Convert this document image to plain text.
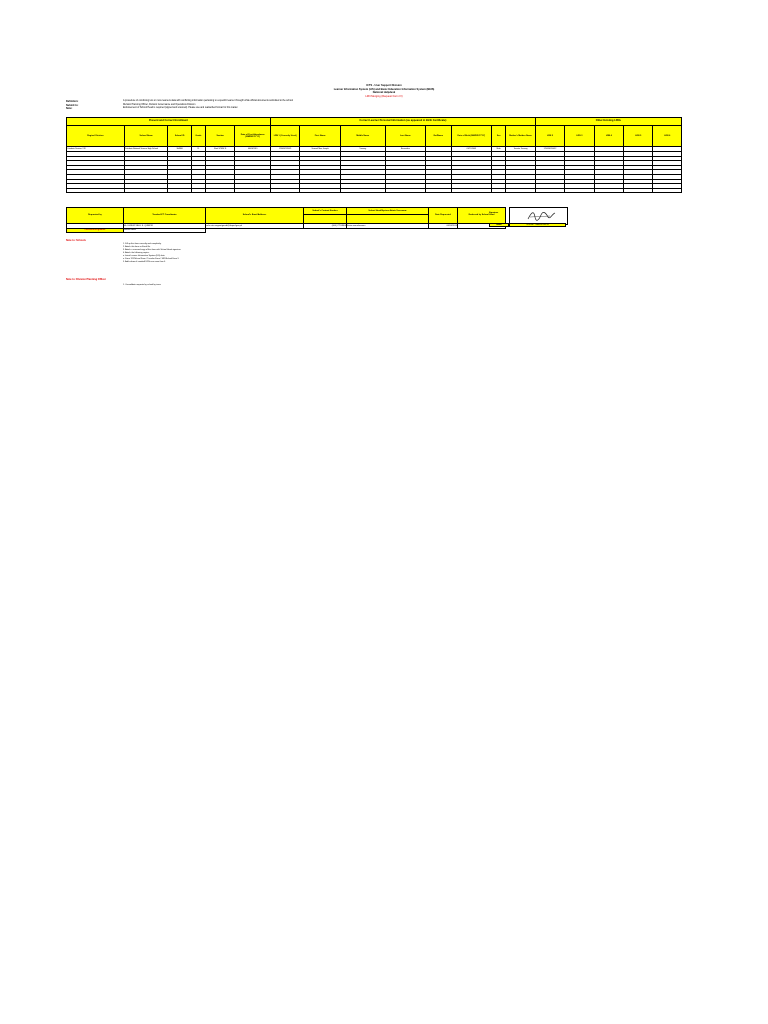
ICTS - User Support Division
Learner Information System (LIS) and Basic Education Information System (BEIS)
National Helpdesk
LRN Merging (Request Form IV)
Definition:	A procedure of combining two or more learners data with conflicting information pertaining to a specific learner through/ while official documents submitted to the school
Submit to:	Division Planning Officer, Division Governance and Operations Division
Note:	Endorsement of School Head is required (signed and scanned). Please use and reattached format for this matter.
Present and Correct Enrollment						Correct Learner Personal Information (as appeared in Birth Certificate)								Other Existing LRNs				
Region/ Division	School Name	School ID	Grade	Section	Date of First Attendance (MM/DD/YYYY)	LRN 1 (Currently Used)	First Name	Middle Name	Last Name	Ext/Name	Date of Birth (MM/DD/YYYY)	Sex	Mother's Maiden Name	LRN 2	LRN 3	LRN 4	LRN 5	LRN 6
Cotabato Division / XII	Cotabato National Science High School	304880	11	Rizal STEM 11	06/03/2019	129456789021	Samuel Mae Joseph	Tamang	Benavidez		01/15/2003	Male	Teresita Tamang	129456120022				

Requested by	Teacher/ICT Coordinator	School's Email Address	School's Contact Number	School Head/System Admin Username	Date Requested	Endorsed by School Head

	Mr. LERENT BELL S. QUIMOR	cnhs.ctm.supportgmedi@deped.gov.ph	(064) 772-8800	Kevin.marvelnamen	06/24/2019	
Position/Designation	Senior Editor					
Signature
Name	OFELIA T. JAVA-MONROE
Note to: Schools
1. Fill up this form correctly and completely.
2. Attach this form as Excel file
3. Attach a scanned copy of this form with School Head signature
4. Attach the following copies:
a. latest Learner Information System (LIS) data
a. Form 137/School Form / Transfer Form / SF9/School Form 9
5. Add column if needed/ LRNs are more than 6
Note to: Division Planning Officer
1. Consolidate requests by school by issue
